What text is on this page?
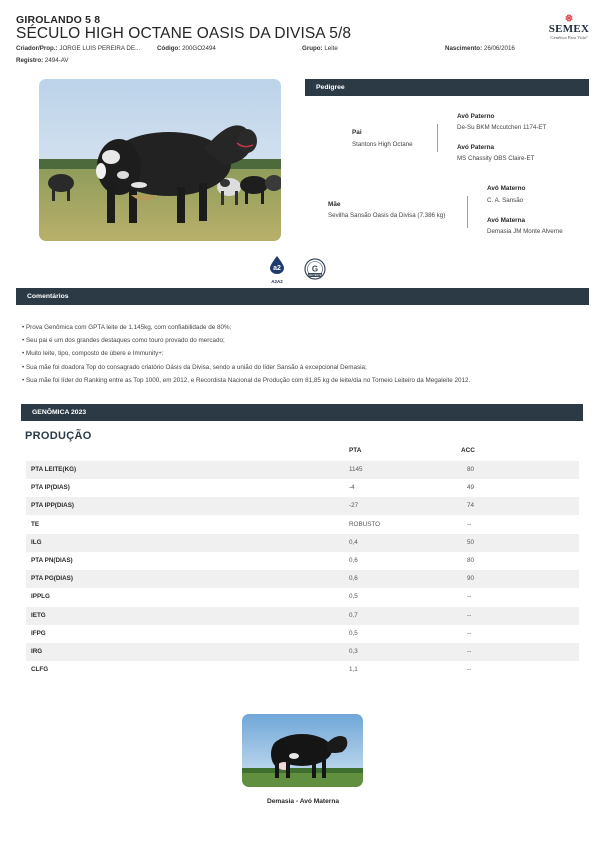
GIROLANDO 5 8
SÉCULO HIGH OCTANE OASIS DA DIVISA 5/8
Criador/Prop.: JORGE LUIS PEREIRA DE...	Código: 200GO2494	Grupo: Leite	Nascimento: 26/06/2016
Registro: 2494-AV
❅
SEMEX
Genética Para Vida°
Pedigree
Avô Paterno
De-Su BKM Mccutchen 1174-ET
Pai
Stantons High Octane	Avó Paterna
MS Chassity OBS Claire-ET
Avô Materno
C. A. Sansão
Mãe
Sevilha Sansão Oasis da Divisa (7.386 kg)
Avó Materna
Demasia JM Monte Alverne
a2
A2A2
G
GM TESTE
Comentários
• Prova Genômica com GPTA leite de 1.145kg, com confiabilidade de 80%;
• Seu pai é um dos grandes destaques como touro provado do mercado;
• Muito leite, tipo, composto de úbere e Immunity+;
• Sua mãe foi doadora Top do consagrado criatório Oásis da Divisa, sendo a união do líder Sansão à excepcional Demasia;
• Sua mãe foi líder do Ranking entre as Top 1000, em 2012, e Recordista Nacional de Produção com 81,85 kg de leite/dia no Torneio Leiteiro da Megaleite 2012.
GENÔMICA 2023
PRODUÇÃO
PTA	ACC
PTA LEITE(KG)	1145	80
PTA IP(DIAS)	-4	49
PTA IPP(DIAS)	-27	74
TE	ROBUSTO	--
ILG	0,4	50
PTA PN(DIAS)	0,6	80
PTA PG(DIAS)	0,6	90
IPPLG	0,5	--
IETG	0,7	--
IFPG	0,5	--
IRG	0,3	--
CLFG	1,1	--
Demasia - Avó Materna
